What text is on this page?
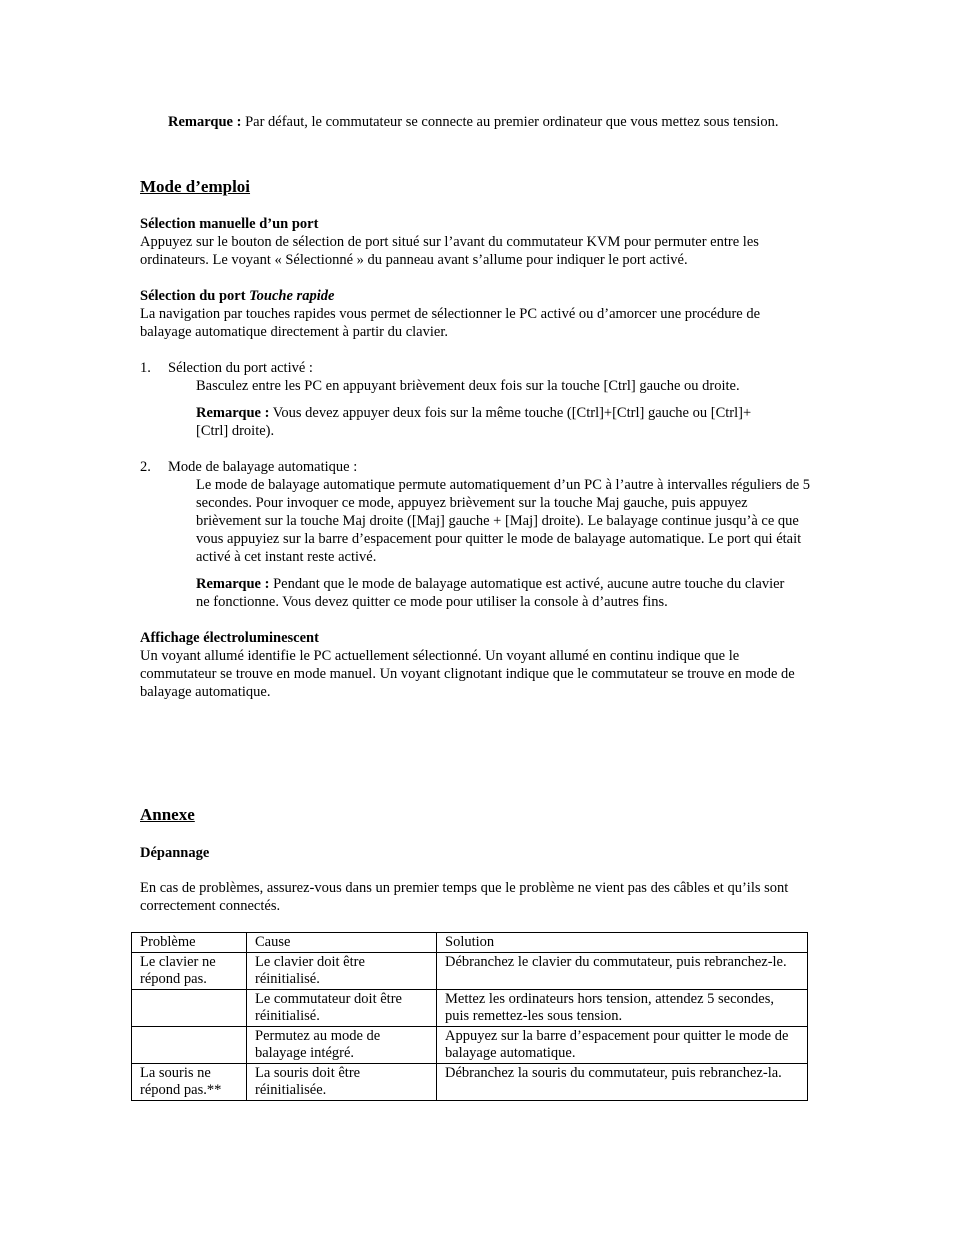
Remarque : Par défaut, le commutateur se connecte au premier ordinateur que vous mettez sous tension.

Mode d’emploi
Sélection manuelle d’un port

Appuyez sur le bouton de sélection de port situé sur l’avant du commutateur KVM pour permuter entre les ordinateurs. Le voyant « Sélectionné » du panneau avant s’allume pour indiquer le port activé.

Sélection du port Touche rapide

La navigation par touches rapides vous permet de sélectionner le PC activé ou d’amorcer une procédure de balayage automatique directement à partir du clavier.

1. Sélection du port activé :

Basculez entre les PC en appuyant brièvement deux fois sur la touche [Ctrl] gauche ou droite.

Remarque : Vous devez appuyer deux fois sur la même touche ([Ctrl]+[Ctrl] gauche ou [Ctrl]+[Ctrl] droite).

2. Mode de balayage automatique :

Le mode de balayage automatique permute automatiquement d’un PC à l’autre à intervalles réguliers de 5 secondes. Pour invoquer ce mode, appuyez brièvement sur la touche Maj gauche, puis appuyez brièvement sur la touche Maj droite ([Maj] gauche + [Maj] droite). Le balayage continue jusqu’à ce que vous appuyiez sur la barre d’espacement pour quitter le mode de balayage automatique. Le port qui était activé à cet instant reste activé.

Remarque : Pendant que le mode de balayage automatique est activé, aucune autre touche du clavier ne fonctionne. Vous devez quitter ce mode pour utiliser la console à d’autres fins.

Affichage électroluminescent

Un voyant allumé identifie le PC actuellement sélectionné. Un voyant allumé en continu indique que le commutateur se trouve en mode manuel. Un voyant clignotant indique que le commutateur se trouve en mode de balayage automatique.

Annexe
Dépannage

En cas de problèmes, assurez-vous dans un premier temps que le problème ne vient pas des câbles et qu’ils sont correctement connectés.

Problème	Cause	Solution
Le clavier ne répond pas.	Le clavier doit être réinitialisé.	Débranchez le clavier du commutateur, puis rebranchez-le.
	Le commutateur doit être réinitialisé.	Mettez les ordinateurs hors tension, attendez 5 secondes, puis remettez-les sous tension.
	Permutez au mode de balayage intégré.	Appuyez sur la barre d’espacement pour quitter le mode de balayage automatique.
La souris ne répond pas.**	La souris doit être réinitialisée.	Débranchez la souris du commutateur, puis rebranchez-la.
